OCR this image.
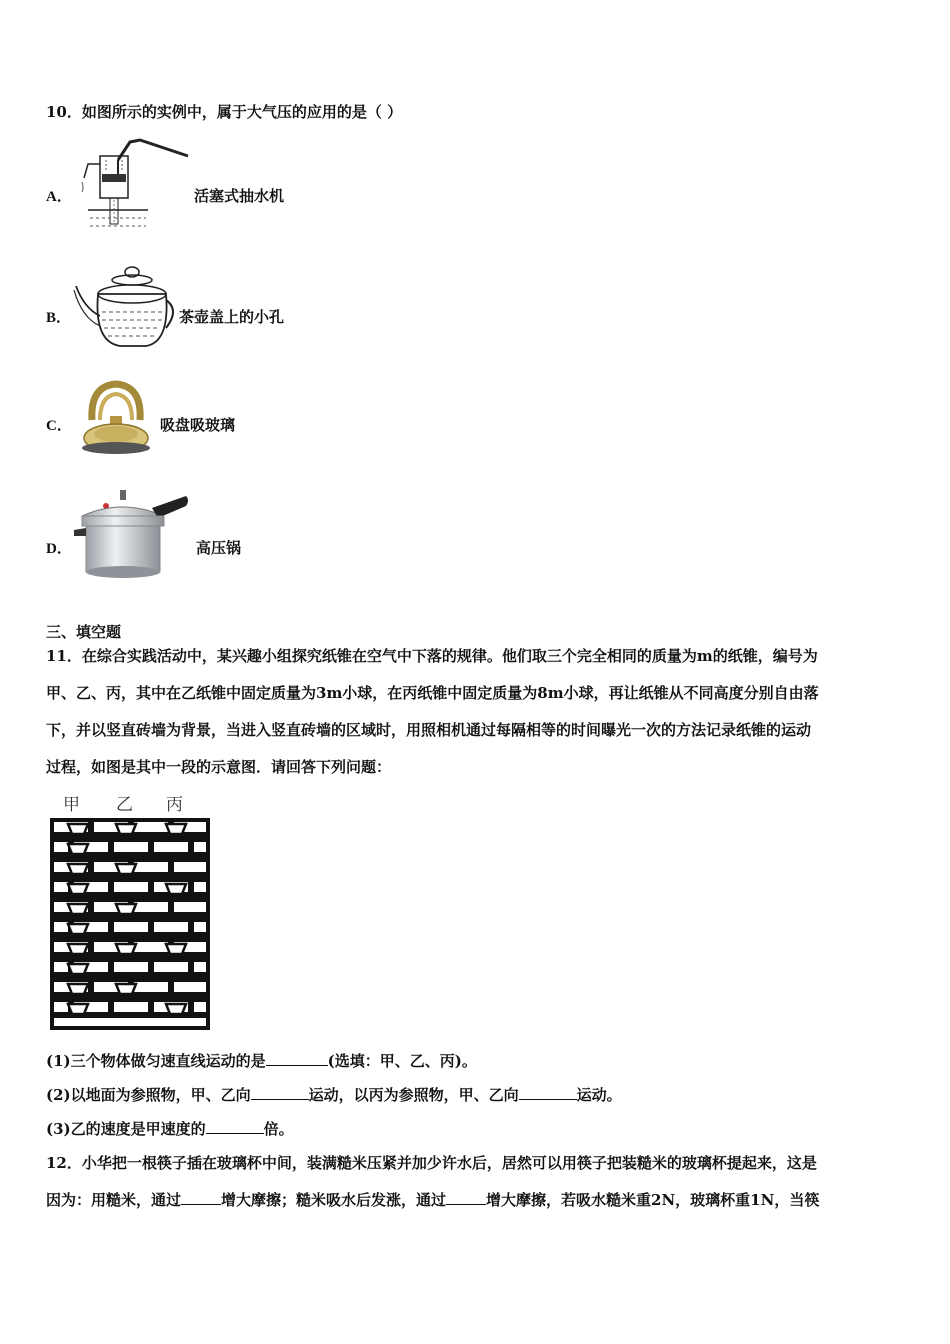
10．如图所示的实例中，属于大气压的应用的是（ ）
A．	活塞式抽水机
B．	茶壶盖上的小孔
C．	吸盘吸玻璃
D．	高压锅
三、填空题
11．在综合实践活动中，某兴趣小组探究纸锥在空气中下落的规律。他们取三个完全相同的质量为m的纸锥，编号为
甲、乙、丙，其中在乙纸锥中固定质量为3m小球，在丙纸锥中固定质量为8m小球，再让纸锥从不同高度分别自由落
下，并以竖直砖墙为背景，当进入竖直砖墙的区域时，用照相机通过每隔相等的时间曝光一次的方法记录纸锥的运动
过程，如图是其中一段的示意图．请回答下列问题：
甲 乙 丙
(1)三个物体做匀速直线运动的是	(选填：甲、乙、丙)。
(2)以地面为参照物，甲、乙向	运动，以丙为参照物，甲、乙向	运动。
(3)乙的速度是甲速度的	倍。
12．小华把一根筷子插在玻璃杯中间，装满糙米压紧并加少许水后，居然可以用筷子把装糙米的玻璃杯提起来，这是
因为：用糙米，通过	增大摩擦；糙米吸水后发涨，通过	增大摩擦，若吸水糙米重2N，玻璃杯重1N，当筷
